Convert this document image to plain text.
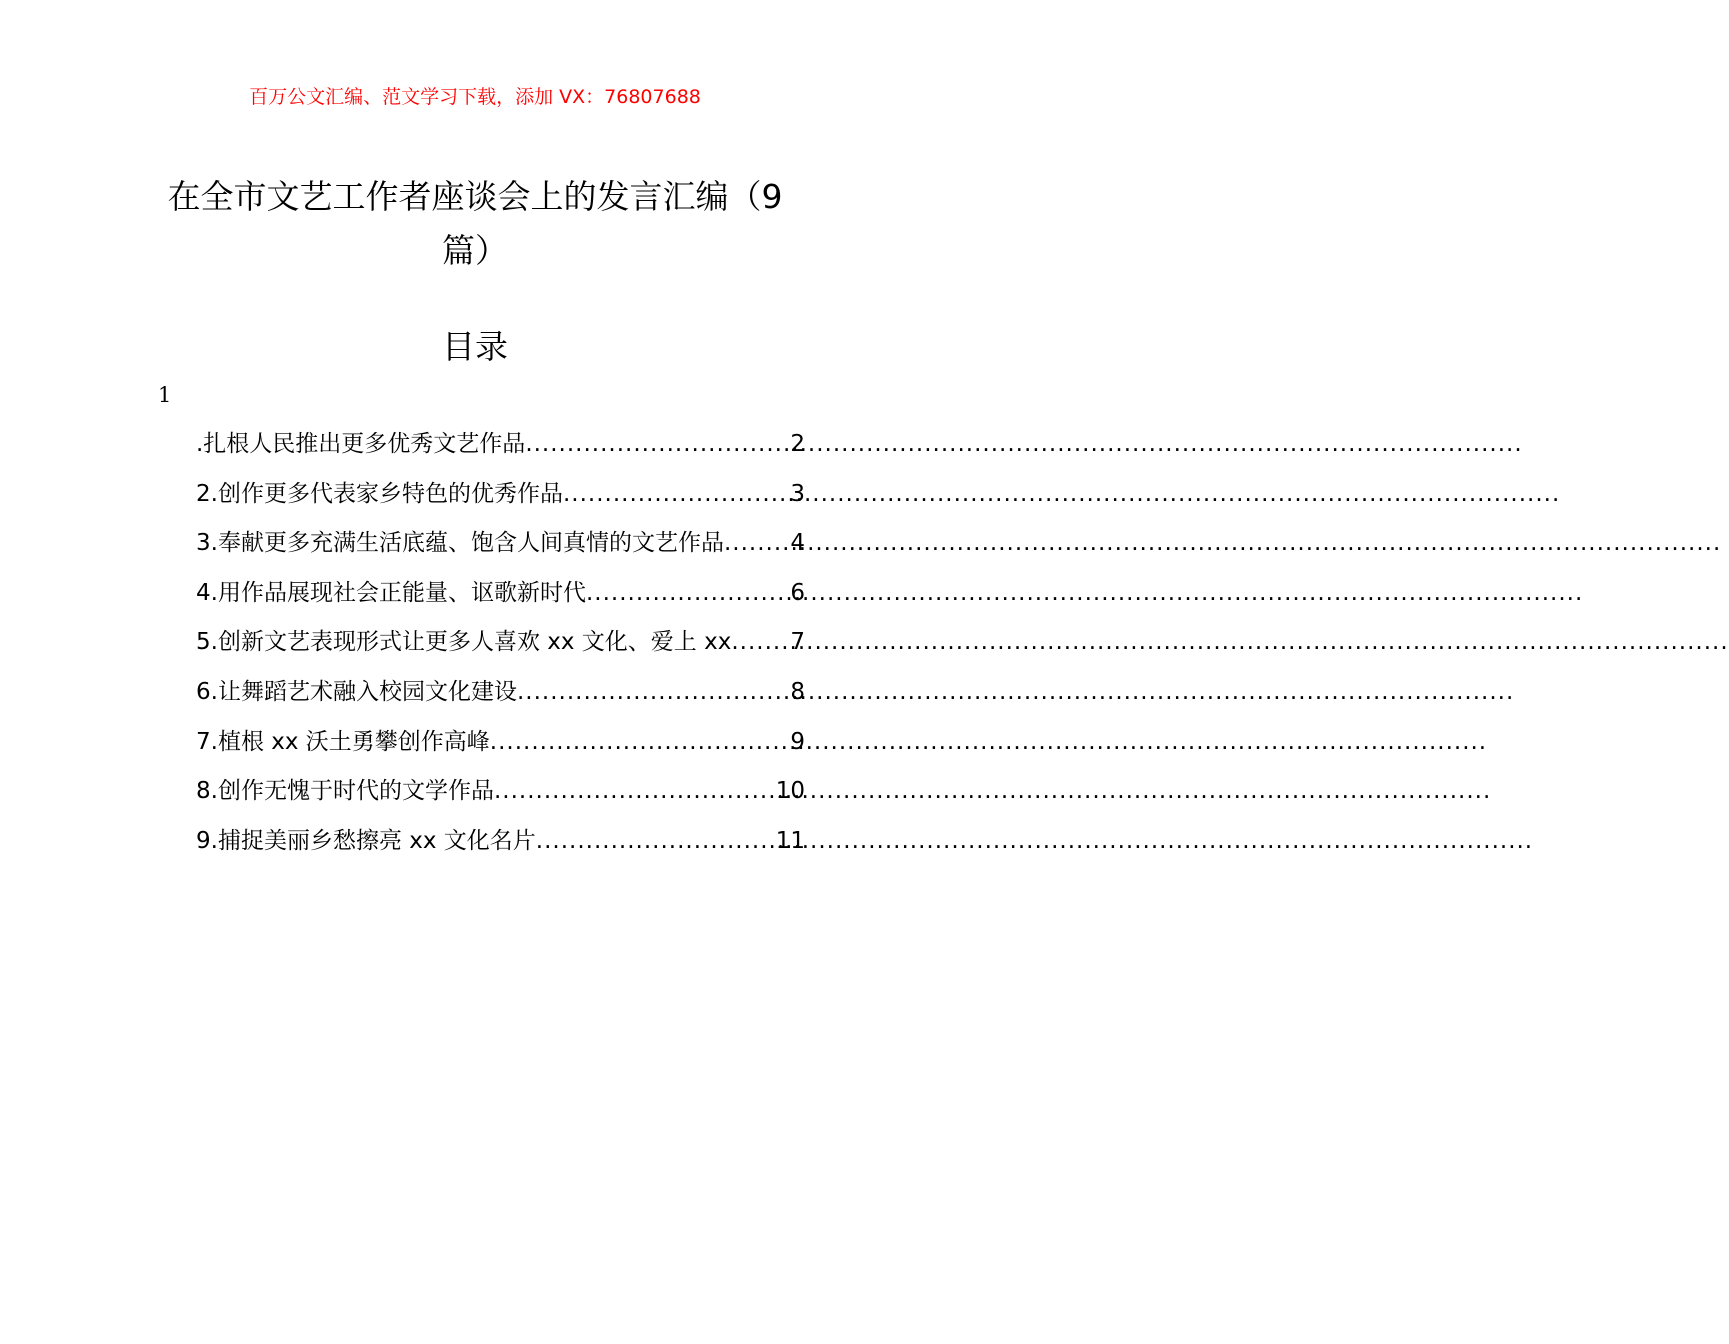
百万公文汇编、范文学习下载，添加 VX：76807688

在全市文艺工作者座谈会上的发言汇编（9 篇）
目录

1

.扎根人民推出更多优秀文艺作品 .....	2
2.创作更多代表家乡特色的优秀作品 .....	3
3.奉献更多充满生活底蕴、饱含人间真情的文艺作品 .....	4
4.用作品展现社会正能量、讴歌新时代 .....	6
5.创新文艺表现形式让更多人喜欢 xx 文化、爱上 xx .....	7
6.让舞蹈艺术融入校园文化建设 .....	8
7.植根 xx 沃土勇攀创作高峰 .....	9
8.创作无愧于时代的文学作品 .....	10
9.捕捉美丽乡愁擦亮 xx 文化名片 .....	11
